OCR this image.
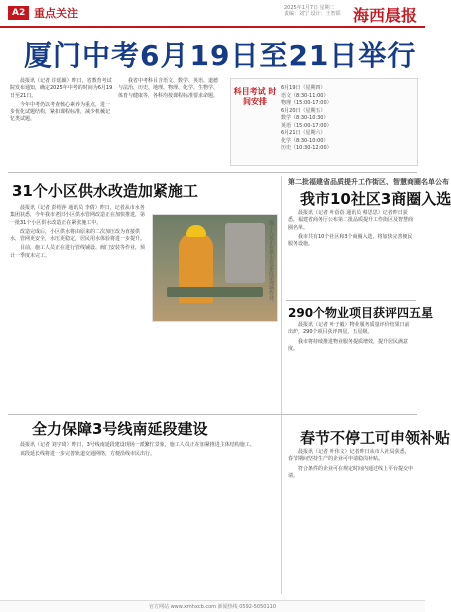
A2 重点关注	2025年1月7日 星期二
责编：刘宁 设计：王智韬 海西晨报
厦门中考6月19日至21日举行

晨报讯（记者 许瑶颖）昨日，省教育考试院发布通知，确定2025年中考的时间为6月19日至21日。

今年中考仍以考查核心素养为重点，进一步优化试题结构，紧扣课程标准，减少机械记忆类试题。

我省中考科目含语文、数学、英语、道德与法治、历史、地理、物理、化学、生物学、体育与健康等，各科均按课程标准要求命题。	科目考试 时间安排
6月19日（星期四）
语文（8:30-11:00）
物理（15:00-17:00）
6月20日（星期五）
数学（8:30-10:30）
英语（15:00-17:00）
6月21日（星期六）
化学（8:30-10:00）
历史（10:30-12:00）
31个小区供水改造加紧施工

晨报讯（记者 彭绍萍 通讯员 李倩）昨日，记者从市水务集团获悉，今年我市老旧小区供水管网改造正在加快推进，第一批31个小区供水改造正在紧张施工中。

改造完成后，小区供水将由原来的二次加压改为直接供水，管网更安全，水压更稳定，居民用水体验将进一步提升。

目前，施工人员正在进行管线铺设、阀门安装等作业，预计一季度末完工。	施工人员正在供水管道改造现场作业。
第二批福建省品质提升工作街区、智慧商圈名单公布
我市10社区3商圈入选

晨报讯（记者 叶蓓蓓 通讯员 蔡思思）记者昨日获悉，福建省商务厅公布第二批品质提升工作街区及智慧商圈名单。

我市共有10个社区和3个商圈入选，将加快完善便民服务设施。

290个物业项目获评四五星

晨报讯（记者 叶子毅）物业服务质量评价结果日前出炉，290个项目获评四星、五星级。

我市将持续推进物业服务提质增效，提升居民满意度。

全力保障3号线南延段建设

晨报讯（记者 刘宇琦）昨日，3号线南延段建设现场一派繁忙景象，施工人员正在加紧推进主体结构施工。

该段延长线将进一步完善轨道交通网络，方便沿线市民出行。

春节不停工可申领补贴

晨报讯（记者 叶伟文）记者昨日从市人社局获悉，春节期间坚持生产的企业可申请稳岗补贴。

符合条件的企业可在规定时间内通过线上平台提交申请。

官方网站 www.xmhxcb.com 新闻热线 0592-5050110
